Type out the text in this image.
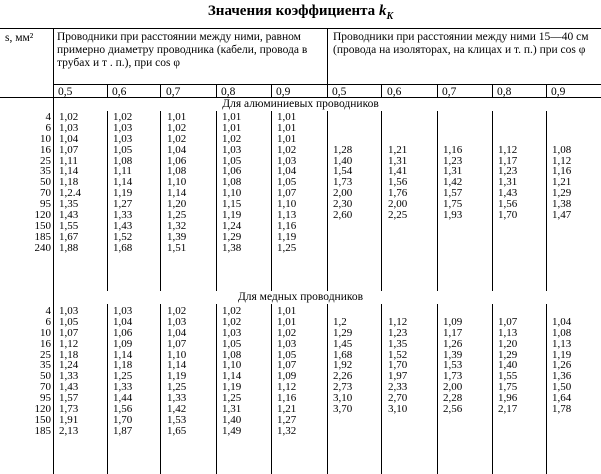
Значения коэффициента $k_K$
s, мм²	Проводники при расстоянии между ними, равном примерно диаметру проводника (кабели, провода в трубах и т . п.), при cos φ
Проводники при расстоянии между ними 15—40 см (провода на изоляторах, на клицах и т. п.) при cos φ
0,5	0,6	0,7	0,8	0,9	0,5	0,6	0,7	0,8	0,9
Для алюминиевых проводников
Для медных проводников
4 1,02	1,02	1,01	1,01	1,01
6 1,03	1,03	1,02	1,01	1,01
10 1,04	1,03	1,02	1,02	1,01
16 1,07	1,05	1,04	1,03	1,02	1,28	1,21	1,16	1,12	1,08
25 1,11	1,08	1,06	1,05	1,03	1,40	1,31	1,23	1,17	1,12
35 1,14	1,11	1,08	1,06	1,04	1,54	1,41	1,31	1,23	1,16
50 1,18	1,14	1,10	1,08	1,05	1,73	1,56	1,42	1,31	1,21
70 1,2.4	1,19	1,14	1,10	1,07	2,00	1,76	1,57	1,43	1,29
95 1,35	1,27	1,20	1,15	1,10	2,30	2,00	1,75	1,56	1,38
120 1,43	1,33	1,25	1,19	1,13	2,60	2,25	1,93	1,70	1,47
150 1,55	1,43	1,32	1,24	1,16
185 1,67	1,52	1,39	1,29	1,19
240 1,88	1,68	1,51	1,38	1,25
4 1,03	1,03	1,02	1,02	1,01
6 1,05	1,04	1,03	1,02	1,01	1,2	1,12	1,09	1,07	1,04
10 1,07	1,06	1,04	1,03	1,02	1,29	1,23	1,17	1,13	1,08
16 1,12	1,09	1,07	1,05	1,03	1,45	1,35	1,26	1,20	1,13
25 1,18	1,14	1,10	1,08	1,05	1,68	1,52	1,39	1,29	1,19
35 1,24	1,18	1,14	1,10	1,07	1,92	1,70	1,53	1,40	1,26
50 1,33	1,25	1,19	1,14	1,09	2,26	1,97	1,73	1,55	1,36
70 1,43	1,33	1,25	1,19	1,12	2,73	2,33	2,00	1,75	1,50
95 1,57	1,44	1,33	1,25	1,16	3,10	2,70	2,28	1,96	1,64
120 1,73	1,56	1,42	1,31	1,21	3,70	3,10	2,56	2,17	1,78
150 1,91	1,70	1,53	1,40	1,27
185 2,13	1,87	1,65	1,49	1,32
